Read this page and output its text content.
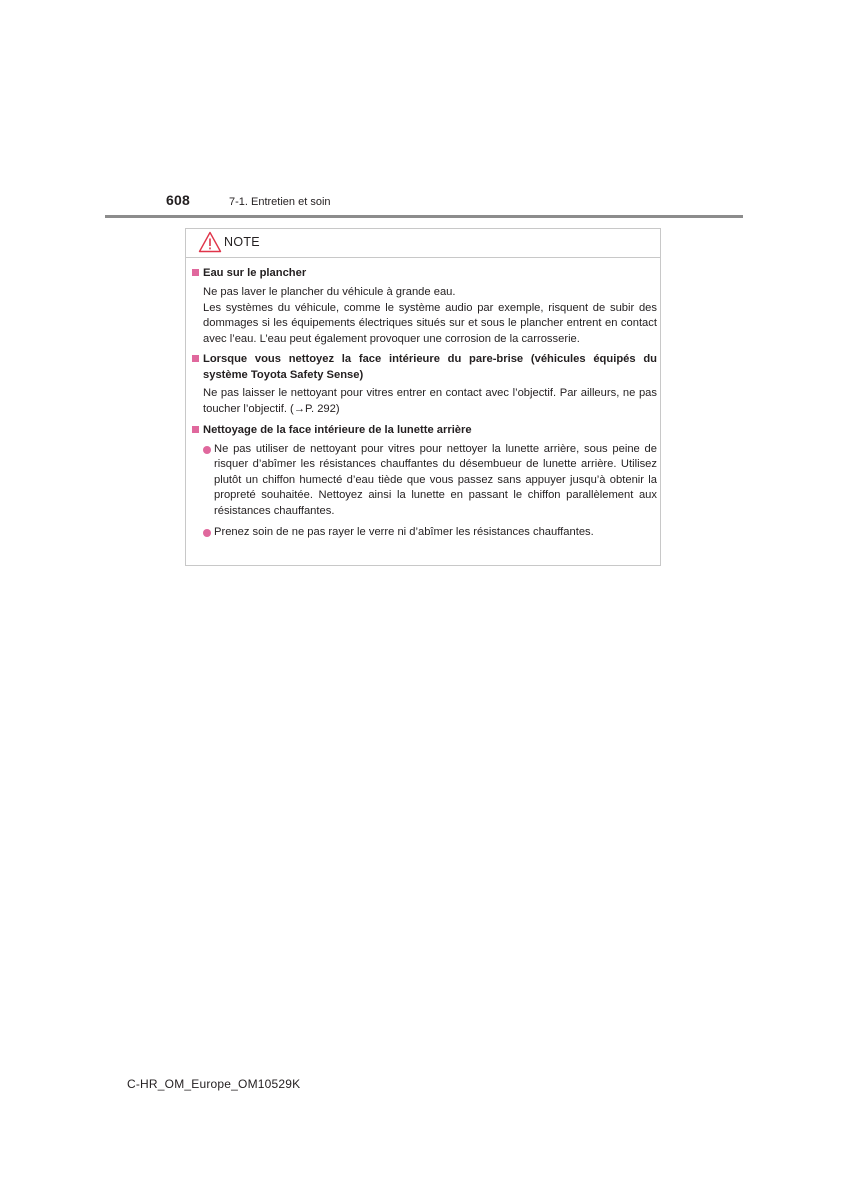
608	7-1. Entretien et soin
NOTE
Eau sur le plancher
Ne pas laver le plancher du véhicule à grande eau.
Les systèmes du véhicule, comme le système audio par exemple, risquent de subir des dommages si les équipements électriques situés sur et sous le plancher entrent en contact avec l’eau. L’eau peut également provoquer une corrosion de la carrosserie.
Lorsque vous nettoyez la face intérieure du pare-brise (véhicules équipés du système Toyota Safety Sense)
Ne pas laisser le nettoyant pour vitres entrer en contact avec l’objectif. Par ailleurs, ne pas toucher l’objectif. (→P. 292)
Nettoyage de la face intérieure de la lunette arrière
Ne pas utiliser de nettoyant pour vitres pour nettoyer la lunette arrière, sous peine de risquer d’abîmer les résistances chauffantes du désembueur de lunette arrière. Utilisez plutôt un chiffon humecté d’eau tiède que vous passez sans appuyer jusqu’à obtenir la propreté souhaitée. Nettoyez ainsi la lunette en passant le chiffon parallèlement aux résistances chauffantes.
Prenez soin de ne pas rayer le verre ni d’abîmer les résistances chauffantes.
C-HR_OM_Europe_OM10529K
